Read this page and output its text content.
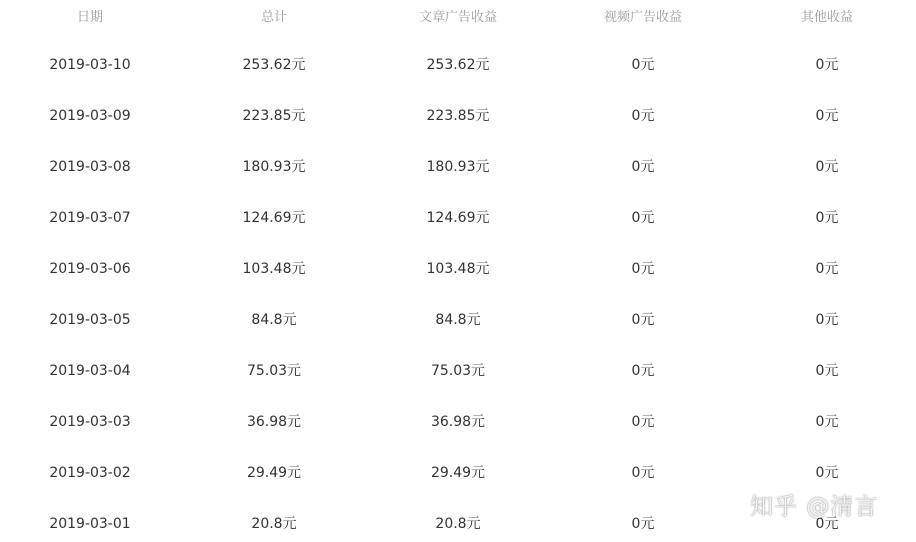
日期	总计	文章广告收益	视频广告收益	其他收益
2019-03-10	253.62元	253.62元	0元	0元
2019-03-09	223.85元	223.85元	0元	0元
2019-03-08	180.93元	180.93元	0元	0元
2019-03-07	124.69元	124.69元	0元	0元
2019-03-06	103.48元	103.48元	0元	0元
2019-03-05	84.8元	84.8元	0元	0元
2019-03-04	75.03元	75.03元	0元	0元
2019-03-03	36.98元	36.98元	0元	0元
2019-03-02	29.49元	29.49元	0元	0元
2019-03-01	20.8元	20.8元	0元	0元
知乎 @清言
